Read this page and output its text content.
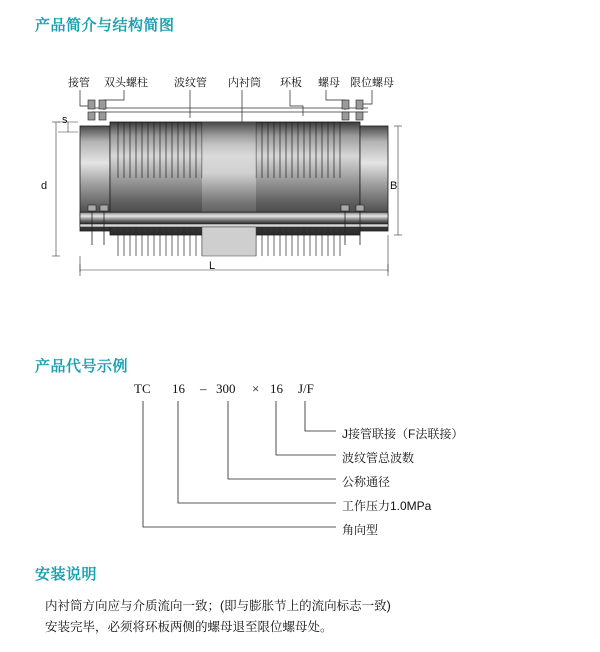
产品简介与结构简图
接管 双头螺柱 波纹管 内衬筒 环板 螺母 限位螺母
s
d	B
L
产品代号示例
TC 16 – 300 × 16 J/F
J接管联接（F法联接）
波纹管总波数
公称通径
工作压力1.0MPa
角向型
安装说明
内衬筒方向应与介质流向一致；(即与膨胀节上的流向标志一致)
安装完毕，必须将环板两侧的螺母退至限位螺母处。
